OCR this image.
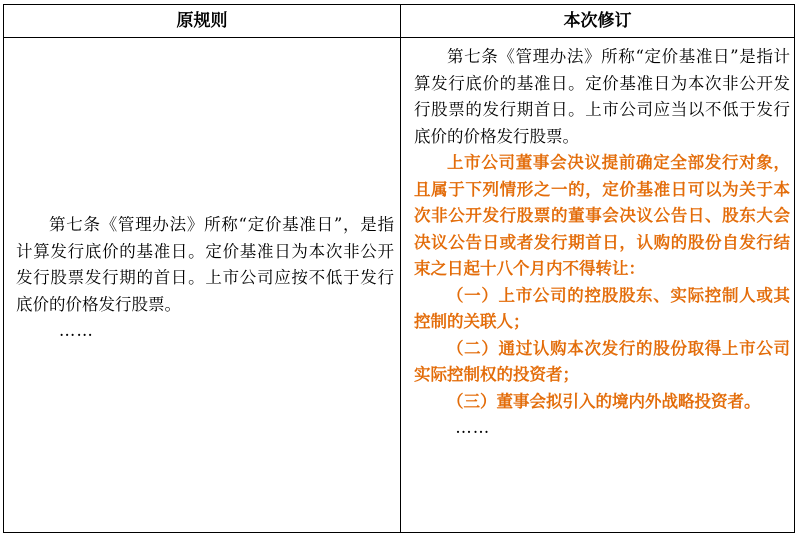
原规则	本次修订

第七条《管理办法》所称“定价基准日”，是指计算发行底价的基准日。定价基准日为本次非公开发行股票发行期的首日。上市公司应按不低于发行底价的价格发行股票。

……

第七条《管理办法》所称“定价基准日”是指计算发行底价的基准日。定价基准日为本次非公开发行股票的发行期首日。上市公司应当以不低于发行底价的价格发行股票。

上市公司董事会决议提前确定全部发行对象，且属于下列情形之一的，定价基准日可以为关于本次非公开发行股票的董事会决议公告日、股东大会决议公告日或者发行期首日，认购的股份自发行结束之日起十八个月内不得转让：

（一）上市公司的控股股东、实际控制人或其控制的关联人；

（二）通过认购本次发行的股份取得上市公司实际控制权的投资者；

（三）董事会拟引入的境内外战略投资者。

……
